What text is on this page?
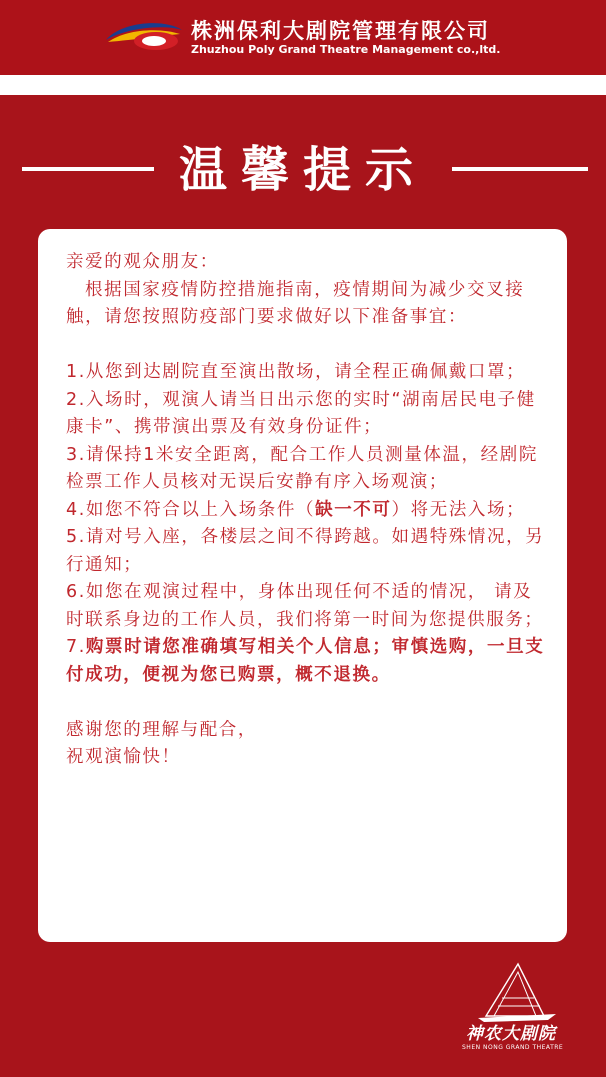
株洲保利大剧院管理有限公司
Zhuzhou Poly Grand Theatre Management co.,ltd.
温馨提示

亲爱的观众朋友：

根据国家疫情防控措施指南，疫情期间为减少交叉接触，请您按照防疫部门要求做好以下准备事宜：

1.从您到达剧院直至演出散场，请全程正确佩戴口罩；

2.入场时，观演人请当日出示您的实时“湖南居民电子健康卡”、携带演出票及有效身份证件；

3.请保持1米安全距离，配合工作人员测量体温，经剧院检票工作人员核对无误后安静有序入场观演；

4.如您不符合以上入场条件（缺一不可）将无法入场；

5.请对号入座，各楼层之间不得跨越。如遇特殊情况，另行通知；

6.如您在观演过程中，身体出现任何不适的情况， 请及时联系身边的工作人员，我们将第一时间为您提供服务；

7.购票时请您准确填写相关个人信息；审慎选购，一旦支付成功，便视为您已购票，概不退换。

感谢您的理解与配合，

祝观演愉快！

神农大剧院
SHEN NONG GRAND THEATRE
